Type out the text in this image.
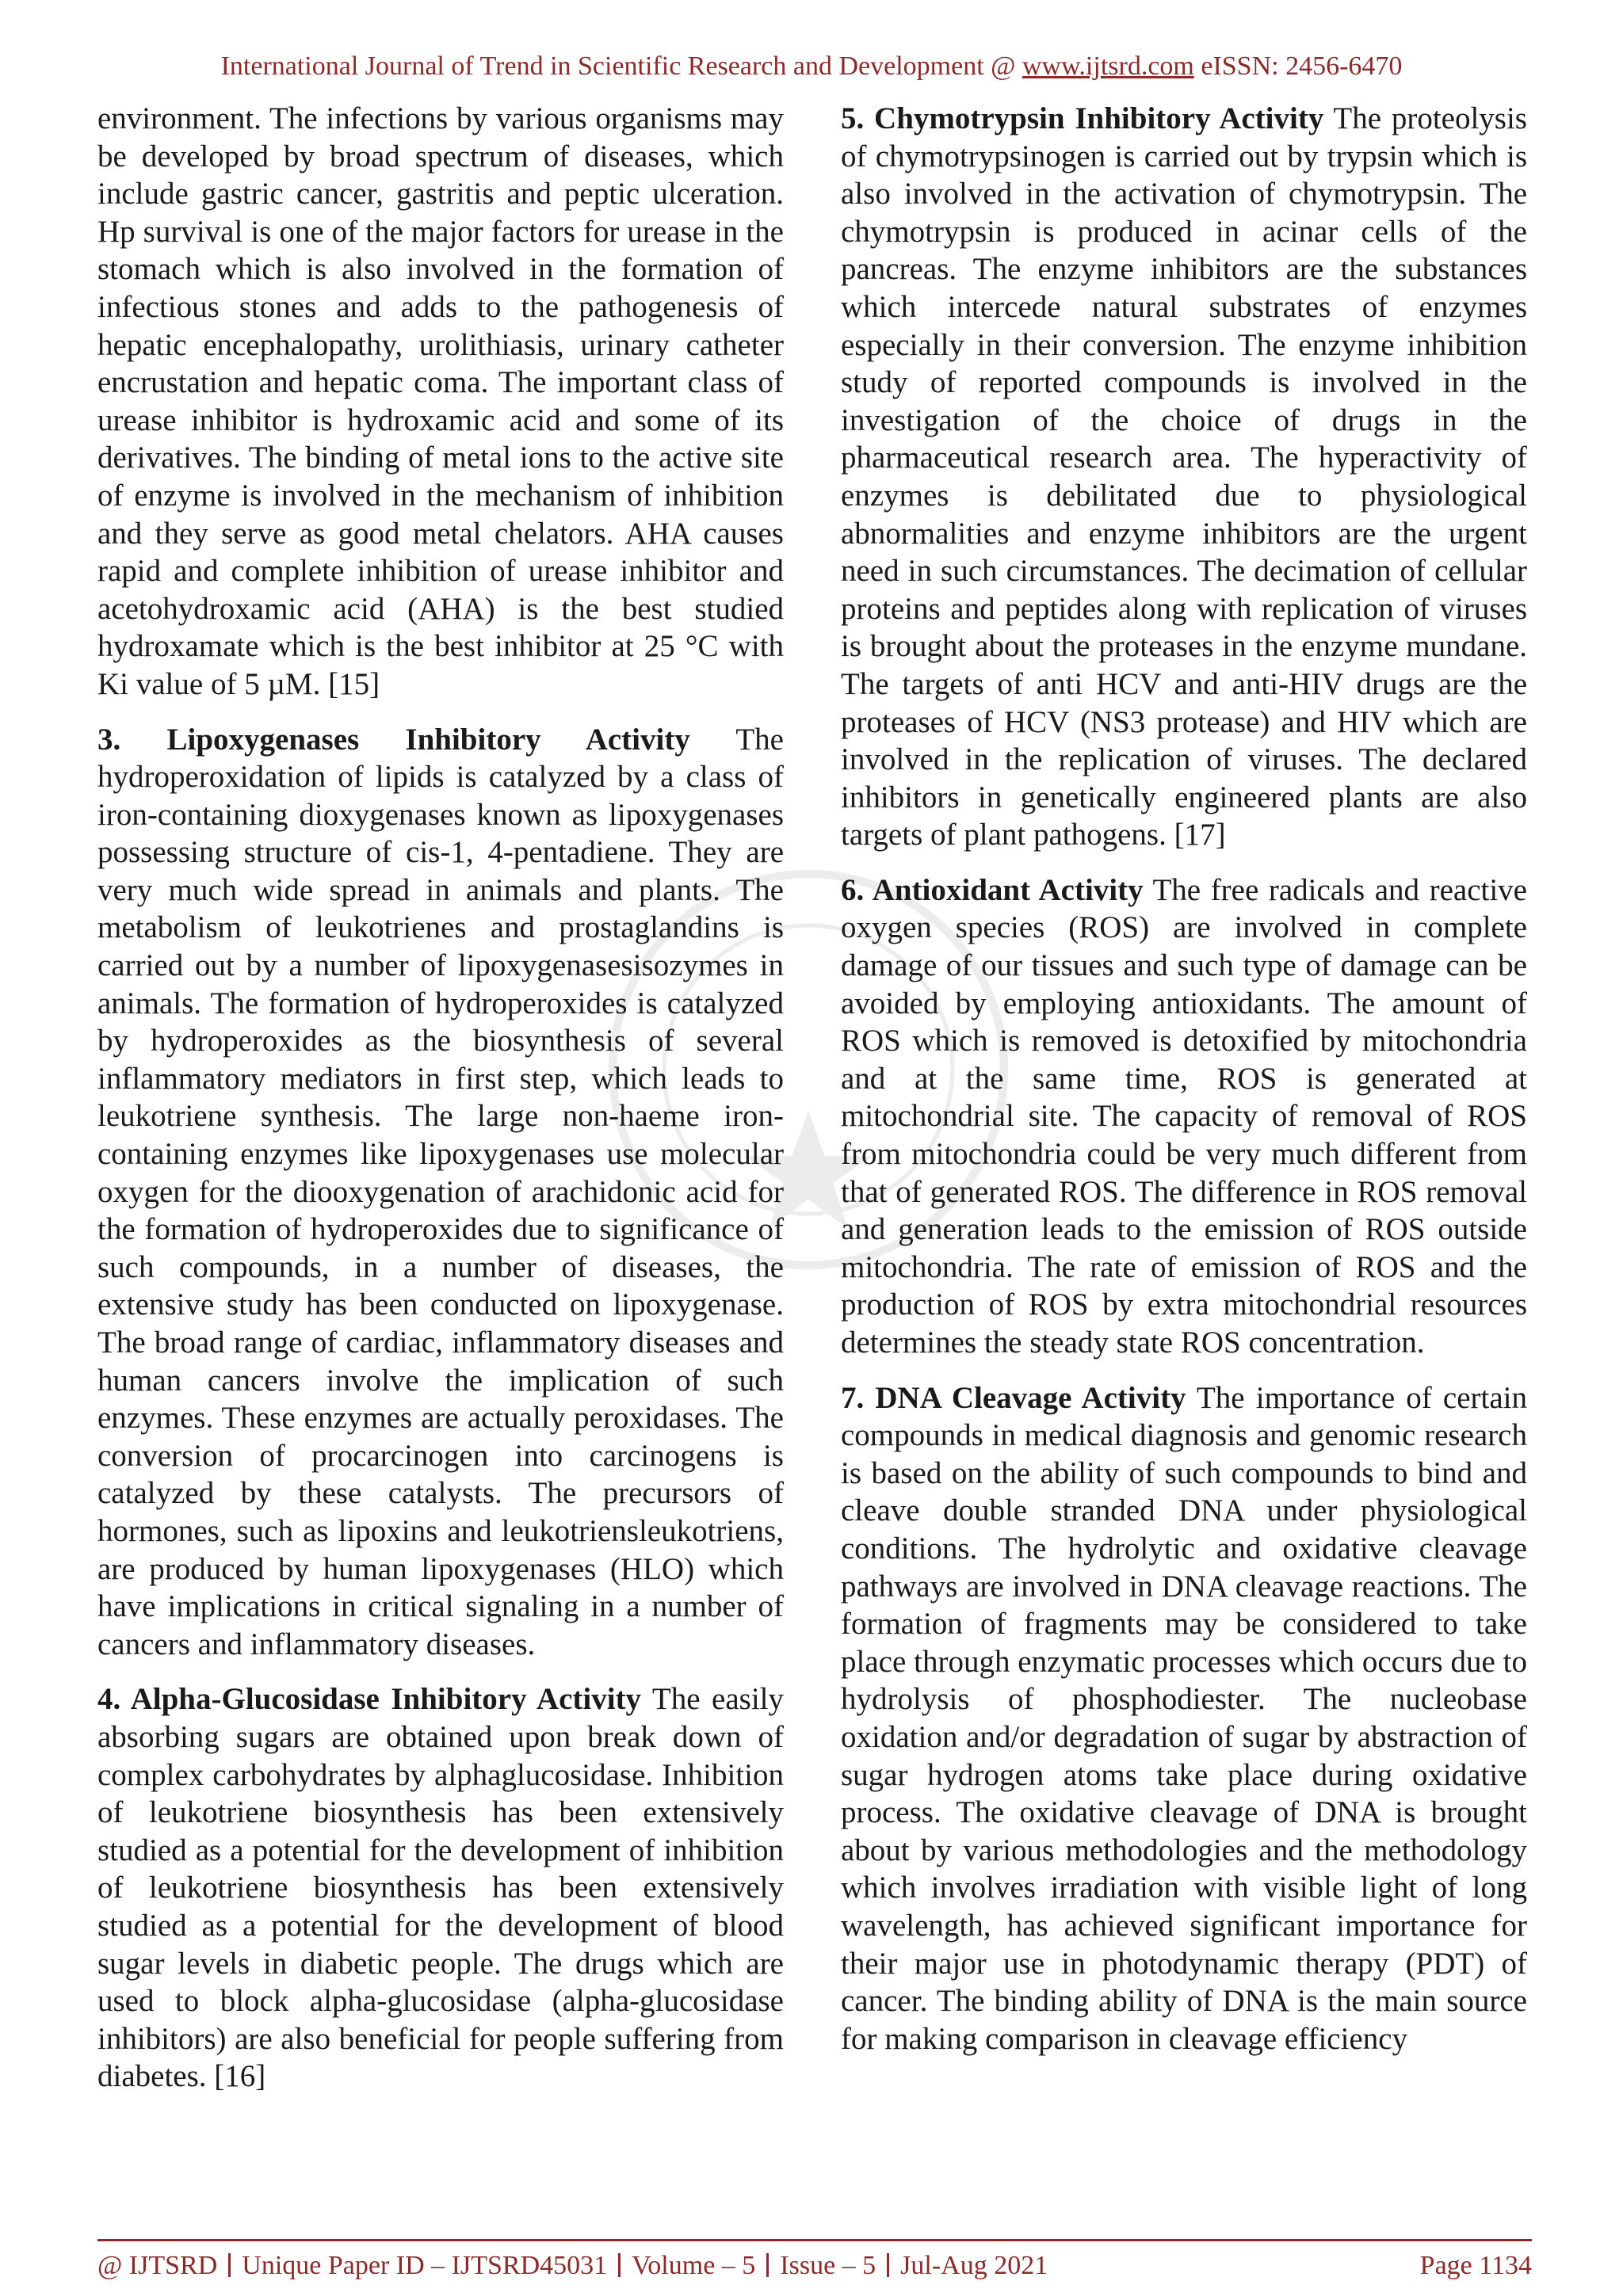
International Journal of Trend in Scientific Research and Development @ www.ijtsrd.com eISSN: 2456-6470

environment. The infections by various organisms may be developed by broad spectrum of diseases, which include gastric cancer, gastritis and peptic ulceration. Hp survival is one of the major factors for urease in the stomach which is also involved in the formation of infectious stones and adds to the pathogenesis of hepatic encephalopathy, urolithiasis, urinary catheter encrustation and hepatic coma. The important class of urease inhibitor is hydroxamic acid and some of its derivatives. The binding of metal ions to the active site of enzyme is involved in the mechanism of inhibition and they serve as good metal chelators. AHA causes rapid and complete inhibition of urease inhibitor and acetohydroxamic acid (AHA) is the best studied hydroxamate which is the best inhibitor at 25 °C with Ki value of 5 µM. [15]

3. Lipoxygenases Inhibitory Activity The hydroperoxidation of lipids is catalyzed by a class of iron-containing dioxygenases known as lipoxygenases possessing structure of cis-1, 4-pentadiene. They are very much wide spread in animals and plants. The metabolism of leukotrienes and prostaglandins is carried out by a number of lipoxygenasesisozymes in animals. The formation of hydroperoxides is catalyzed by hydroperoxides as the biosynthesis of several inflammatory mediators in first step, which leads to leukotriene synthesis. The large non-haeme iron-containing enzymes like lipoxygenases use molecular oxygen for the diooxygenation of arachidonic acid for the formation of hydroperoxides due to significance of such compounds, in a number of diseases, the extensive study has been conducted on lipoxygenase. The broad range of cardiac, inflammatory diseases and human cancers involve the implication of such enzymes. These enzymes are actually peroxidases. The conversion of procarcinogen into carcinogens is catalyzed by these catalysts. The precursors of hormones, such as lipoxins and leukotriensleukotriens, are produced by human lipoxygenases (HLO) which have implications in critical signaling in a number of cancers and inflammatory diseases.

4. Alpha-Glucosidase Inhibitory Activity The easily absorbing sugars are obtained upon break down of complex carbohydrates by alphaglucosidase. Inhibition of leukotriene biosynthesis has been extensively studied as a potential for the development of inhibition of leukotriene biosynthesis has been extensively studied as a potential for the development of blood sugar levels in diabetic people. The drugs which are used to block alpha-glucosidase (alpha-glucosidase inhibitors) are also beneficial for people suffering from diabetes. [16]

5. Chymotrypsin Inhibitory Activity The proteolysis of chymotrypsinogen is carried out by trypsin which is also involved in the activation of chymotrypsin. The chymotrypsin is produced in acinar cells of the pancreas. The enzyme inhibitors are the substances which intercede natural substrates of enzymes especially in their conversion. The enzyme inhibition study of reported compounds is involved in the investigation of the choice of drugs in the pharmaceutical research area. The hyperactivity of enzymes is debilitated due to physiological abnormalities and enzyme inhibitors are the urgent need in such circumstances. The decimation of cellular proteins and peptides along with replication of viruses is brought about the proteases in the enzyme mundane. The targets of anti HCV and anti-HIV drugs are the proteases of HCV (NS3 protease) and HIV which are involved in the replication of viruses. The declared inhibitors in genetically engineered plants are also targets of plant pathogens. [17]

6. Antioxidant Activity The free radicals and reactive oxygen species (ROS) are involved in complete damage of our tissues and such type of damage can be avoided by employing antioxidants. The amount of ROS which is removed is detoxified by mitochondria and at the same time, ROS is generated at mitochondrial site. The capacity of removal of ROS from mitochondria could be very much different from that of generated ROS. The difference in ROS removal and generation leads to the emission of ROS outside mitochondria. The rate of emission of ROS and the production of ROS by extra mitochondrial resources determines the steady state ROS concentration.

7. DNA Cleavage Activity The importance of certain compounds in medical diagnosis and genomic research is based on the ability of such compounds to bind and cleave double stranded DNA under physiological conditions. The hydrolytic and oxidative cleavage pathways are involved in DNA cleavage reactions. The formation of fragments may be considered to take place through enzymatic processes which occurs due to hydrolysis of phosphodiester. The nucleobase oxidation and/or degradation of sugar by abstraction of sugar hydrogen atoms take place during oxidative process. The oxidative cleavage of DNA is brought about by various methodologies and the methodology which involves irradiation with visible light of long wavelength, has achieved significant importance for their major use in photodynamic therapy (PDT) of cancer. The binding ability of DNA is the main source for making comparison in cleavage efficiency

@ IJTSRD Unique Paper ID – IJTSRD45031 Volume – 5 Issue – 5 Jul-Aug 2021	Page 1134
